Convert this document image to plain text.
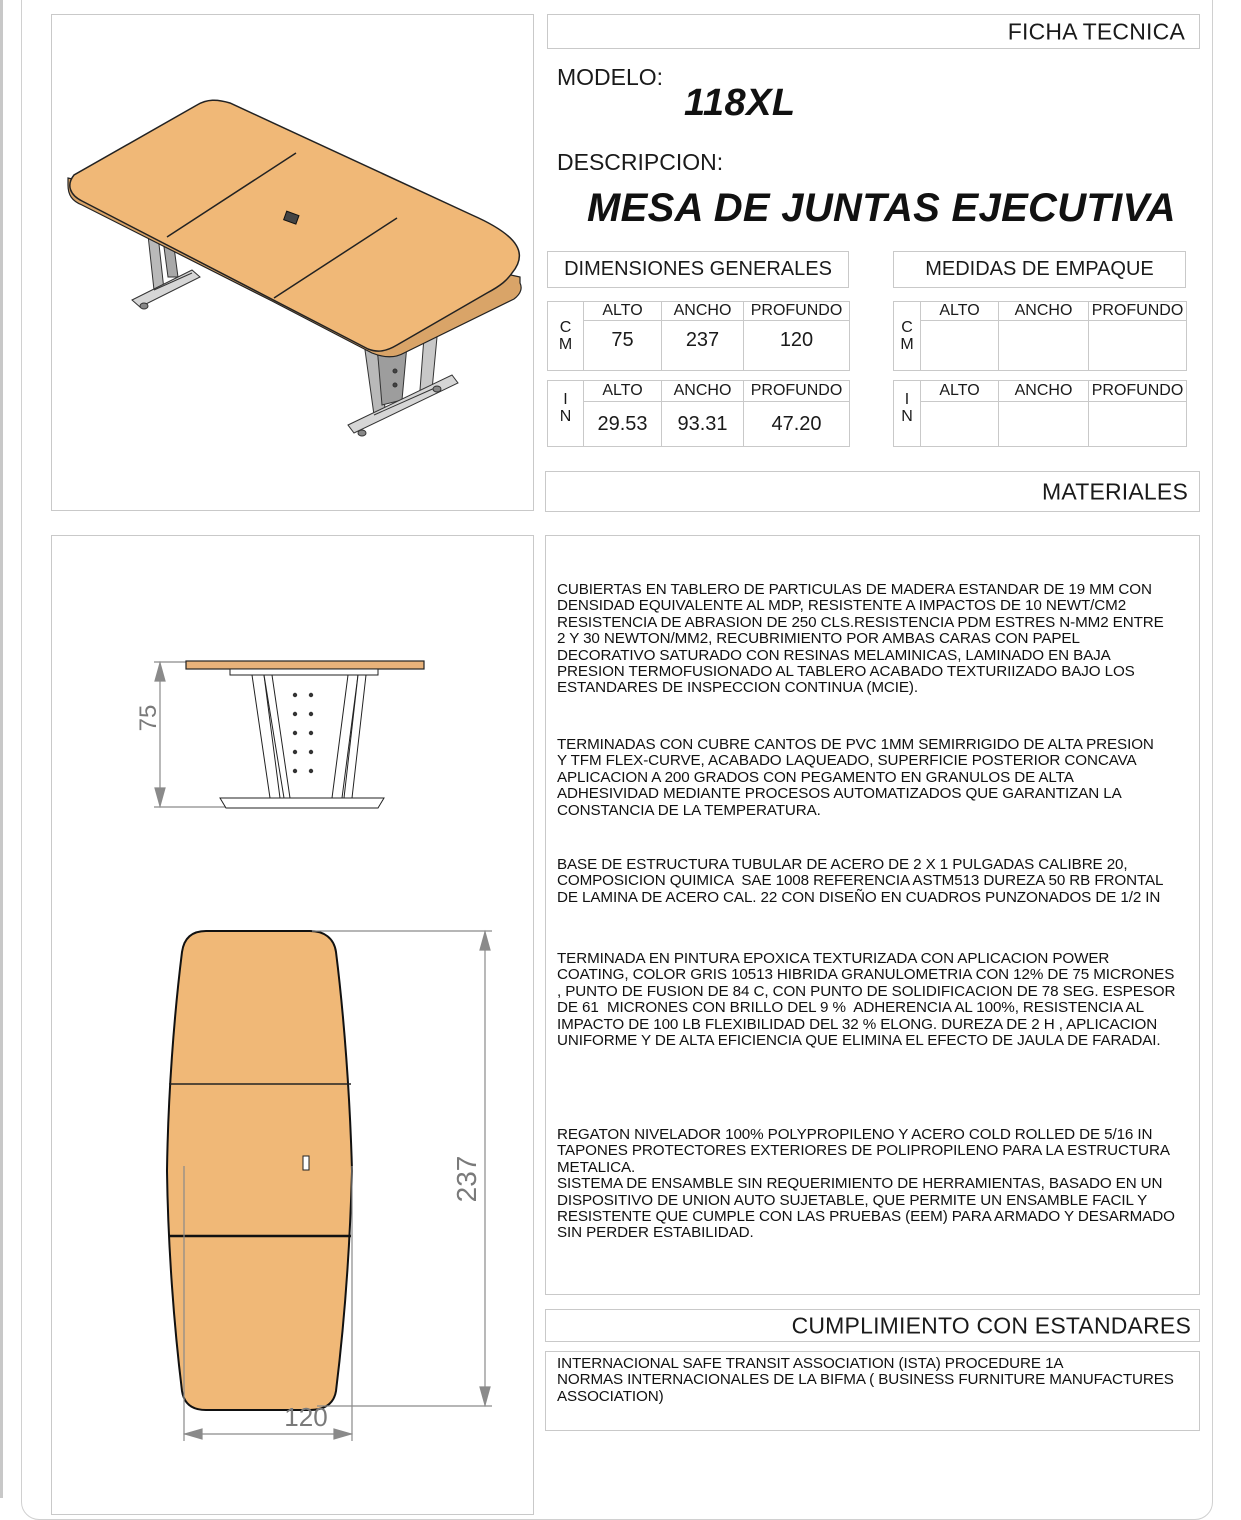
75
237
120
FICHA TECNICA
MODELO:
118XL
DESCRIPCION:
MESA DE JUNTAS EJECUTIVA
DIMENSIONES GENERALES
C
M	ALTO	ANCHO	PROFUNDO
	75	237	120
I
N	ALTO	ANCHO	PROFUNDO
	29.53	93.31	47.20
MEDIDAS DE EMPAQUE
C
M	ALTO	ANCHO	PROFUNDO

I
N	ALTO	ANCHO	PROFUNDO

MATERIALES
CUBIERTAS EN TABLERO DE PARTICULAS DE MADERA ESTANDAR DE 19 MM CON
DENSIDAD EQUIVALENTE AL MDP, RESISTENTE A IMPACTOS DE 10 NEWT/CM2
RESISTENCIA DE ABRASION DE 250 CLS.RESISTENCIA PDM ESTRES N-MM2 ENTRE
2 Y 30 NEWTON/MM2, RECUBRIMIENTO POR AMBAS CARAS CON PAPEL
DECORATIVO SATURADO CON RESINAS MELAMINICAS, LAMINADO EN BAJA
PRESION TERMOFUSIONADO AL TABLERO ACABADO TEXTURIIZADO BAJO LOS
ESTANDARES DE INSPECCION CONTINUA (MCIE).
TERMINADAS CON CUBRE CANTOS DE PVC 1MM SEMIRRIGIDO DE ALTA PRESION
Y TFM FLEX-CURVE, ACABADO LAQUEADO, SUPERFICIE POSTERIOR CONCAVA
APLICACION A 200 GRADOS CON PEGAMENTO EN GRANULOS DE ALTA
ADHESIVIDAD MEDIANTE PROCESOS AUTOMATIZADOS QUE GARANTIZAN LA
CONSTANCIA DE LA TEMPERATURA.
BASE DE ESTRUCTURA TUBULAR DE ACERO DE 2 X 1 PULGADAS CALIBRE 20,
COMPOSICION QUIMICA  SAE 1008 REFERENCIA ASTM513 DUREZA 50 RB FRONTAL
DE LAMINA DE ACERO CAL. 22 CON DISEÑO EN CUADROS PUNZONADOS DE 1/2 IN
TERMINADA EN PINTURA EPOXICA TEXTURIZADA CON APLICACION POWER
COATING, COLOR GRIS 10513 HIBRIDA GRANULOMETRIA CON 12% DE 75 MICRONES
, PUNTO DE FUSION DE 84 C, CON PUNTO DE SOLIDIFICACION DE 78 SEG. ESPESOR
DE 61  MICRONES CON BRILLO DEL 9 %  ADHERENCIA AL 100%, RESISTENCIA AL
IMPACTO DE 100 LB FLEXIBILIDAD DEL 32 % ELONG. DUREZA DE 2 H , APLICACION
UNIFORME Y DE ALTA EFICIENCIA QUE ELIMINA EL EFECTO DE JAULA DE FARADAI.
REGATON NIVELADOR 100% POLYPROPILENO Y ACERO COLD ROLLED DE 5/16 IN
TAPONES PROTECTORES EXTERIORES DE POLIPROPILENO PARA LA ESTRUCTURA
METALICA.
SISTEMA DE ENSAMBLE SIN REQUERIMIENTO DE HERRAMIENTAS, BASADO EN UN
DISPOSITIVO DE UNION AUTO SUJETABLE, QUE PERMITE UN ENSAMBLE FACIL Y
RESISTENTE QUE CUMPLE CON LAS PRUEBAS (EEM) PARA ARMADO Y DESARMADO
SIN PERDER ESTABILIDAD.
CUMPLIMIENTO CON ESTANDARES
INTERNACIONAL SAFE TRANSIT ASSOCIATION (ISTA) PROCEDURE 1A
NORMAS INTERNACIONALES DE LA BIFMA ( BUSINESS FURNITURE MANUFACTURES
ASSOCIATION)
